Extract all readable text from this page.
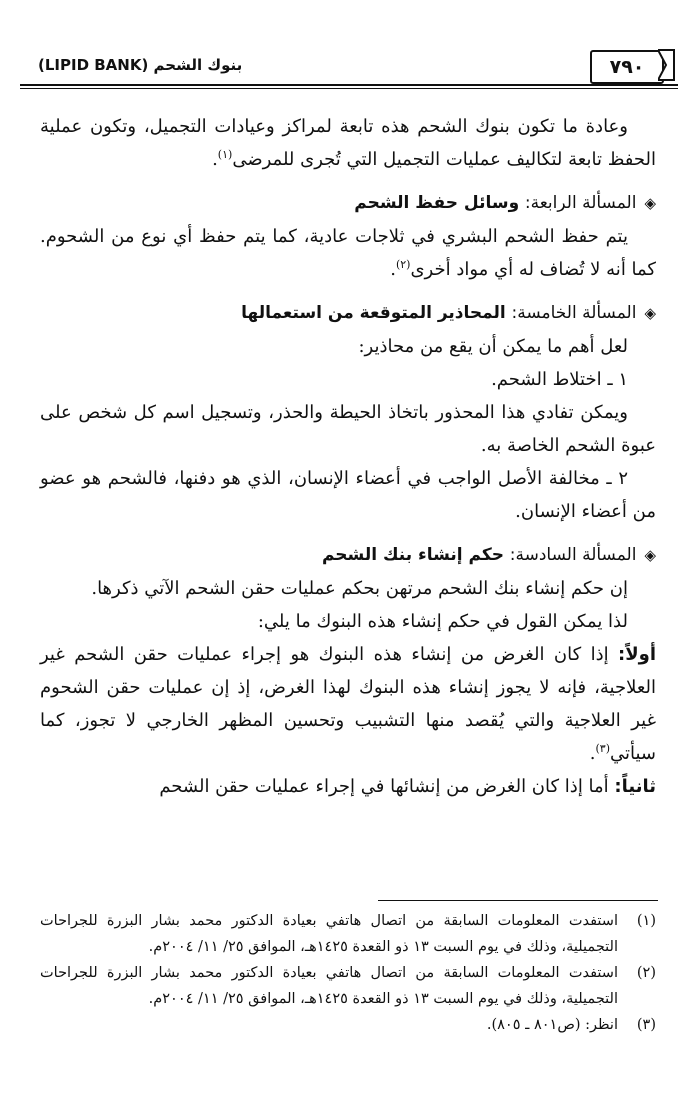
(LIPID BANK) بنوك الشحم	٧٩٠

وعادة ما تكون بنوك الشحم هذه تابعة لمراكز وعيادات التجميل، وتكون عملية الحفظ تابعة لتكاليف عمليات التجميل التي تُجرى للمرضى$^{(١)}$.

◈المسألة الرابعة: وسائل حفظ الشحم

يتم حفظ الشحم البشري في ثلاجات عادية، كما يتم حفظ أي نوع من الشحوم. كما أنه لا تُضاف له أي مواد أخرى$^{(٢)}$.

◈المسألة الخامسة: المحاذير المتوقعة من استعمالها

لعل أهم ما يمكن أن يقع من محاذير:

١ ـ اختلاط الشحم.

ويمكن تفادي هذا المحذور باتخاذ الحيطة والحذر، وتسجيل اسم كل شخص على عبوة الشحم الخاصة به.

٢ ـ مخالفة الأصل الواجب في أعضاء الإنسان، الذي هو دفنها، فالشحم هو عضو من أعضاء الإنسان.

◈المسألة السادسة: حكم إنشاء بنك الشحم

إن حكم إنشاء بنك الشحم مرتهن بحكم عمليات حقن الشحم الآتي ذكرها.

لذا يمكن القول في حكم إنشاء هذه البنوك ما يلي:

أولاً: إذا كان الغرض من إنشاء هذه البنوك هو إجراء عمليات حقن الشحم غير العلاجية، فإنه لا يجوز إنشاء هذه البنوك لهذا الغرض، إذ إن عمليات حقن الشحوم غير العلاجية والتي يُقصد منها التشبيب وتحسين المظهر الخارجي لا تجوز، كما سيأتي$^{(٣)}$.

ثانياً: أما إذا كان الغرض من إنشائها في إجراء عمليات حقن الشحم

(١)
استفدت المعلومات السابقة من اتصال هاتفي بعيادة الدكتور محمد بشار البزرة للجراحات التجميلية، وذلك في يوم السبت ١٣ ذو القعدة ١٤٢٥هـ، الموافق ٢٥/ ١١/ ٢٠٠٤م.
(٢)
استفدت المعلومات السابقة من اتصال هاتفي بعيادة الدكتور محمد بشار البزرة للجراحات التجميلية، وذلك في يوم السبت ١٣ ذو القعدة ١٤٢٥هـ، الموافق ٢٥/ ١١/ ٢٠٠٤م.
(٣)
انظر: (ص٨٠١ ـ ٨٠٥).
